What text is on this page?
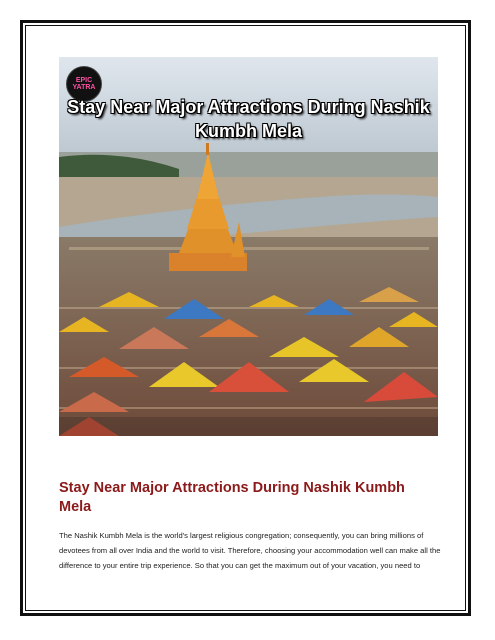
EPIC
YATRA
Stay Near Major Attractions During Nashik Kumbh Mela
Stay Near Major Attractions During Nashik Kumbh Mela

The Nashik Kumbh Mela is the world's largest religious congregation; consequently, you can bring millions of devotees from all over India and the world to visit. Therefore, choosing your accommodation well can make all the difference to your entire trip experience. So that you can get the maximum out of your vacation, you need to
